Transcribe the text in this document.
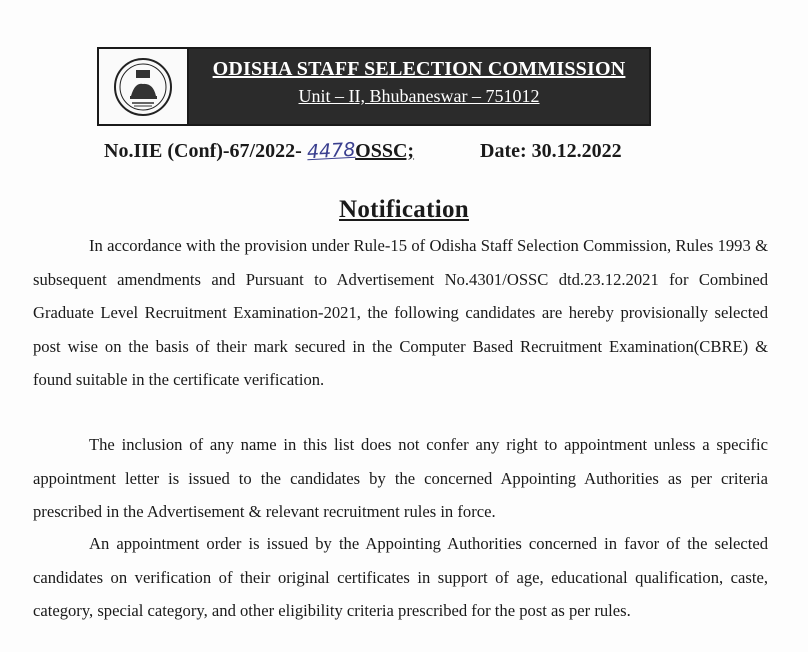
ODISHA STAFF SELECTION COMMISSION
Unit – II, Bhubaneswar – 751012
No.IIE (Conf)-67/2022- 4478OSSC;	Date: 30.12.2022
Notification

In accordance with the provision under Rule-15 of Odisha Staff Selection Commission, Rules 1993 & subsequent amendments and Pursuant to Advertisement No.4301/OSSC dtd.23.12.2021 for Combined Graduate Level Recruitment Examination-2021, the following candidates are hereby provisionally selected post wise on the basis of their mark secured in the Computer Based Recruitment Examination(CBRE) & found suitable in the certificate verification.

The inclusion of any name in this list does not confer any right to appointment unless a specific appointment letter is issued to the candidates by the concerned Appointing Authorities as per criteria prescribed in the Advertisement & relevant recruitment rules in force.

An appointment order is issued by the Appointing Authorities concerned in favor of the selected candidates on verification of their original certificates in support of age, educational qualification, caste, category, special category, and other eligibility criteria prescribed for the post as per rules.
